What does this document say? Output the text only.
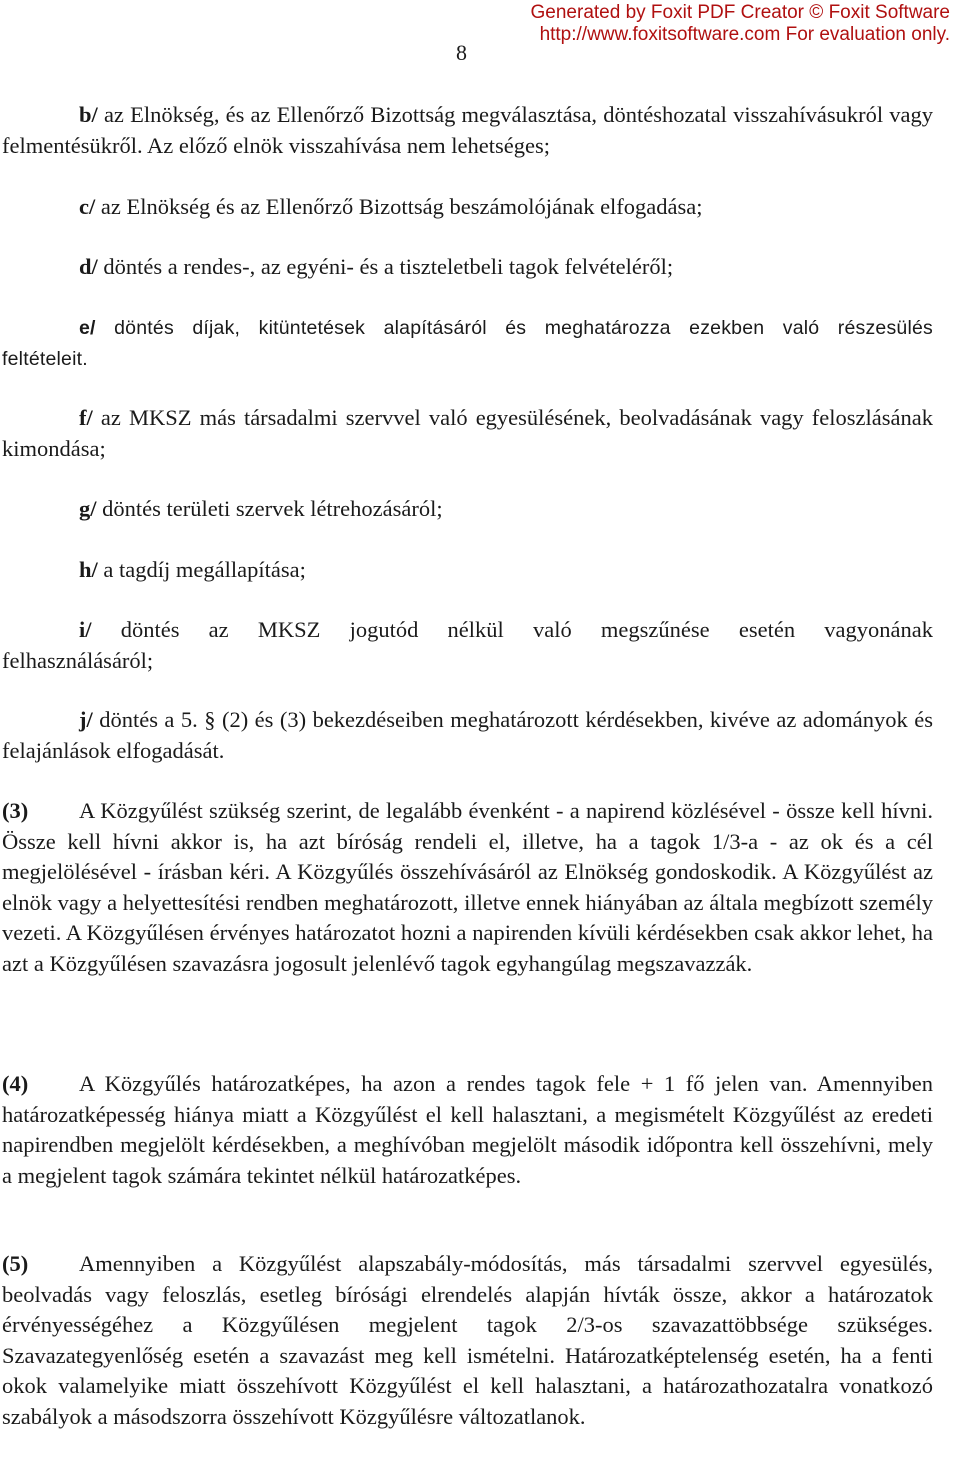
Generated by Foxit PDF Creator © Foxit Software
http://www.foxitsoftware.com For evaluation only.
8

b/ az Elnökség, és az Ellenőrző Bizottság megválasztása, döntéshozatal visszahívásukról vagy felmentésükről. Az előző elnök visszahívása nem lehetséges;

c/ az Elnökség és az Ellenőrző Bizottság beszámolójának elfogadása;

d/ döntés a rendes-, az egyéni- és a tiszteletbeli tagok felvételéről;

e/ döntés díjak, kitüntetések alapításáról és meghatározza ezekben való részesülés feltételeit.

f/ az MKSZ más társadalmi szervvel való egyesülésének, beolvadásának vagy feloszlásának kimondása;

g/ döntés területi szervek létrehozásáról;

h/ a tagdíj megállapítása;

i/ döntés az MKSZ jogutód nélkül való megszűnése esetén vagyonának felhasználásáról;

j/ döntés a 5. § (2) és (3) bekezdéseiben meghatározott kérdésekben, kivéve az adományok és felajánlások elfogadását.

(3) A Közgyűlést szükség szerint, de legalább évenként - a napirend közlésével - össze kell hívni. Össze kell hívni akkor is, ha azt bíróság rendeli el, illetve, ha a tagok 1/3-a - az ok és a cél megjelölésével - írásban kéri. A Közgyűlés összehívásáról az Elnökség gondoskodik. A Közgyűlést az elnök vagy a helyettesítési rendben meghatározott, illetve ennek hiányában az általa megbízott személy vezeti. A Közgyűlésen érvényes határozatot hozni a napirenden kívüli kérdésekben csak akkor lehet, ha azt a Közgyűlésen szavazásra jogosult jelenlévő tagok egyhangúlag megszavazzák.

(4) A Közgyűlés határozatképes, ha azon a rendes tagok fele + 1 fő jelen van. Amennyiben határozatképesség hiánya miatt a Közgyűlést el kell halasztani, a megismételt Közgyűlést az eredeti napirendben megjelölt kérdésekben, a meghívóban megjelölt második időpontra kell összehívni, mely a megjelent tagok számára tekintet nélkül határozatképes.

(5) Amennyiben a Közgyűlést alapszabály-módosítás, más társadalmi szervvel egyesülés, beolvadás vagy feloszlás, esetleg bírósági elrendelés alapján hívták össze, akkor a határozatok érvényességéhez a Közgyűlésen megjelent tagok 2/3-os szavazattöbbsége szükséges. Szavazategyenlőség esetén a szavazást meg kell ismételni. Határozatképtelenség esetén, ha a fenti okok valamelyike miatt összehívott Közgyűlést el kell halasztani, a határozathozatalra vonatkozó szabályok a másodszorra összehívott Közgyűlésre változatlanok.
